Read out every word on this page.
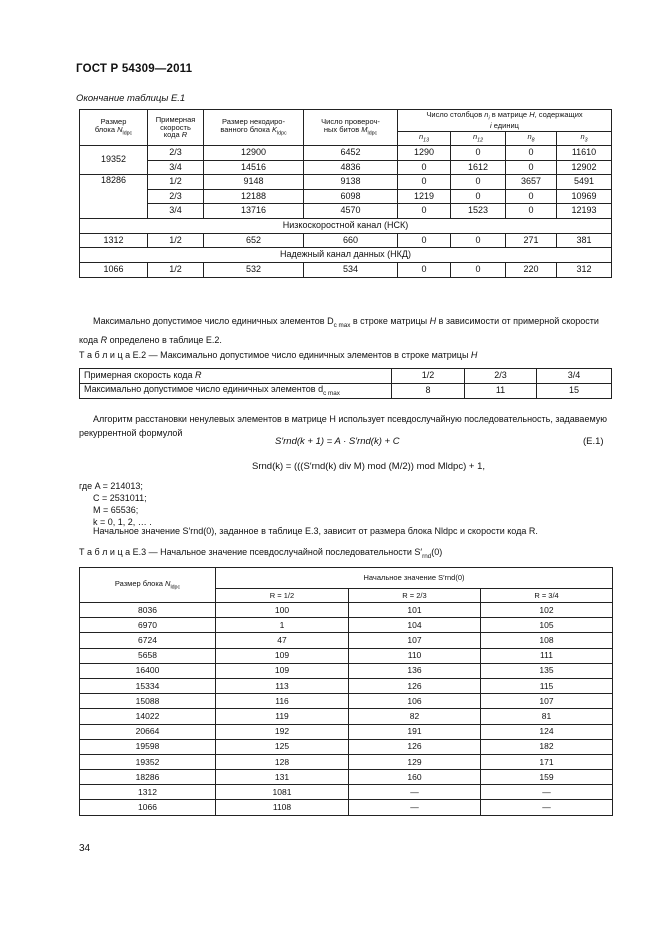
ГОСТ Р 54309—2011
Окончание таблицы Е.1
Размер
блока $N_{ldpc}$	Примерная
скорость
кода R	Размер некодиро-
ванного блока $K_{ldpc}$	Число провероч-
ных битов $M_{ldpc}$	Число столбцов $n_i$ в матрице H, содержащих
i единиц			
				$n_{13}$	$n_{12}$	$n_8$	$n_3$
19352	2/3	12900	6452	1290	0	0	11610
	3/4	14516	4836	0	1612	0	12902
18286	1/2	9148	9138	0	0	3657	5491
	2/3	12188	6098	1219	0	0	10969
	3/4	13716	4570	0	1523	0	12193
Низкоскоростной канал (НСК)							
1312	1/2	652	660	0	0	271	381
Надежный канал данных (НКД)							
1066	1/2	532	534	0	0	220	312
Максимально допустимое число единичных элементов $D_{c max}$ в строке матрицы H в зависимости от примерной скорости кода R определено в таблице Е.2.
Т а б л и ц а Е.2 — Максимально допустимое число единичных элементов в строке матрицы H
Примерная скорость кода R	1/2	2/3	3/4
Максимально допустимое число единичных элементов $d_{c max}$	8	11	15
Алгоритм расстановки ненулевых элементов в матрице H использует псевдослучайную последовательность, задаваемую рекуррентной формулой
S′rnd(k + 1) = A · S′rnd(k) + C	(Е.1)
Srnd(k) = (((S′rnd(k) div M) mod (M/2)) mod Mldpc) + 1,
где A = 214013;
C = 2531011;
M = 65536;
k = 0, 1, 2, … .
Начальное значение S′rnd(0), заданное в таблице Е.3, зависит от размера блока Nldpc и скорости кода R.
Т а б л и ц а Е.3 — Начальное значение псевдослучайной последовательности $S'_{rnd}(0)$
Размер блока $N_{ldpc}$	Начальное значение S′rnd(0)		
	R = 1/2	R = 2/3	R = 3/4
8036	100	101	102
6970	1	104	105
6724	47	107	108
5658	109	110	111
16400	109	136	135
15334	113	126	115
15088	116	106	107
14022	119	82	81
20664	192	191	124
19598	125	126	182
19352	128	129	171
18286	131	160	159
1312	1081	—	—
1066	1108	—	—
34
